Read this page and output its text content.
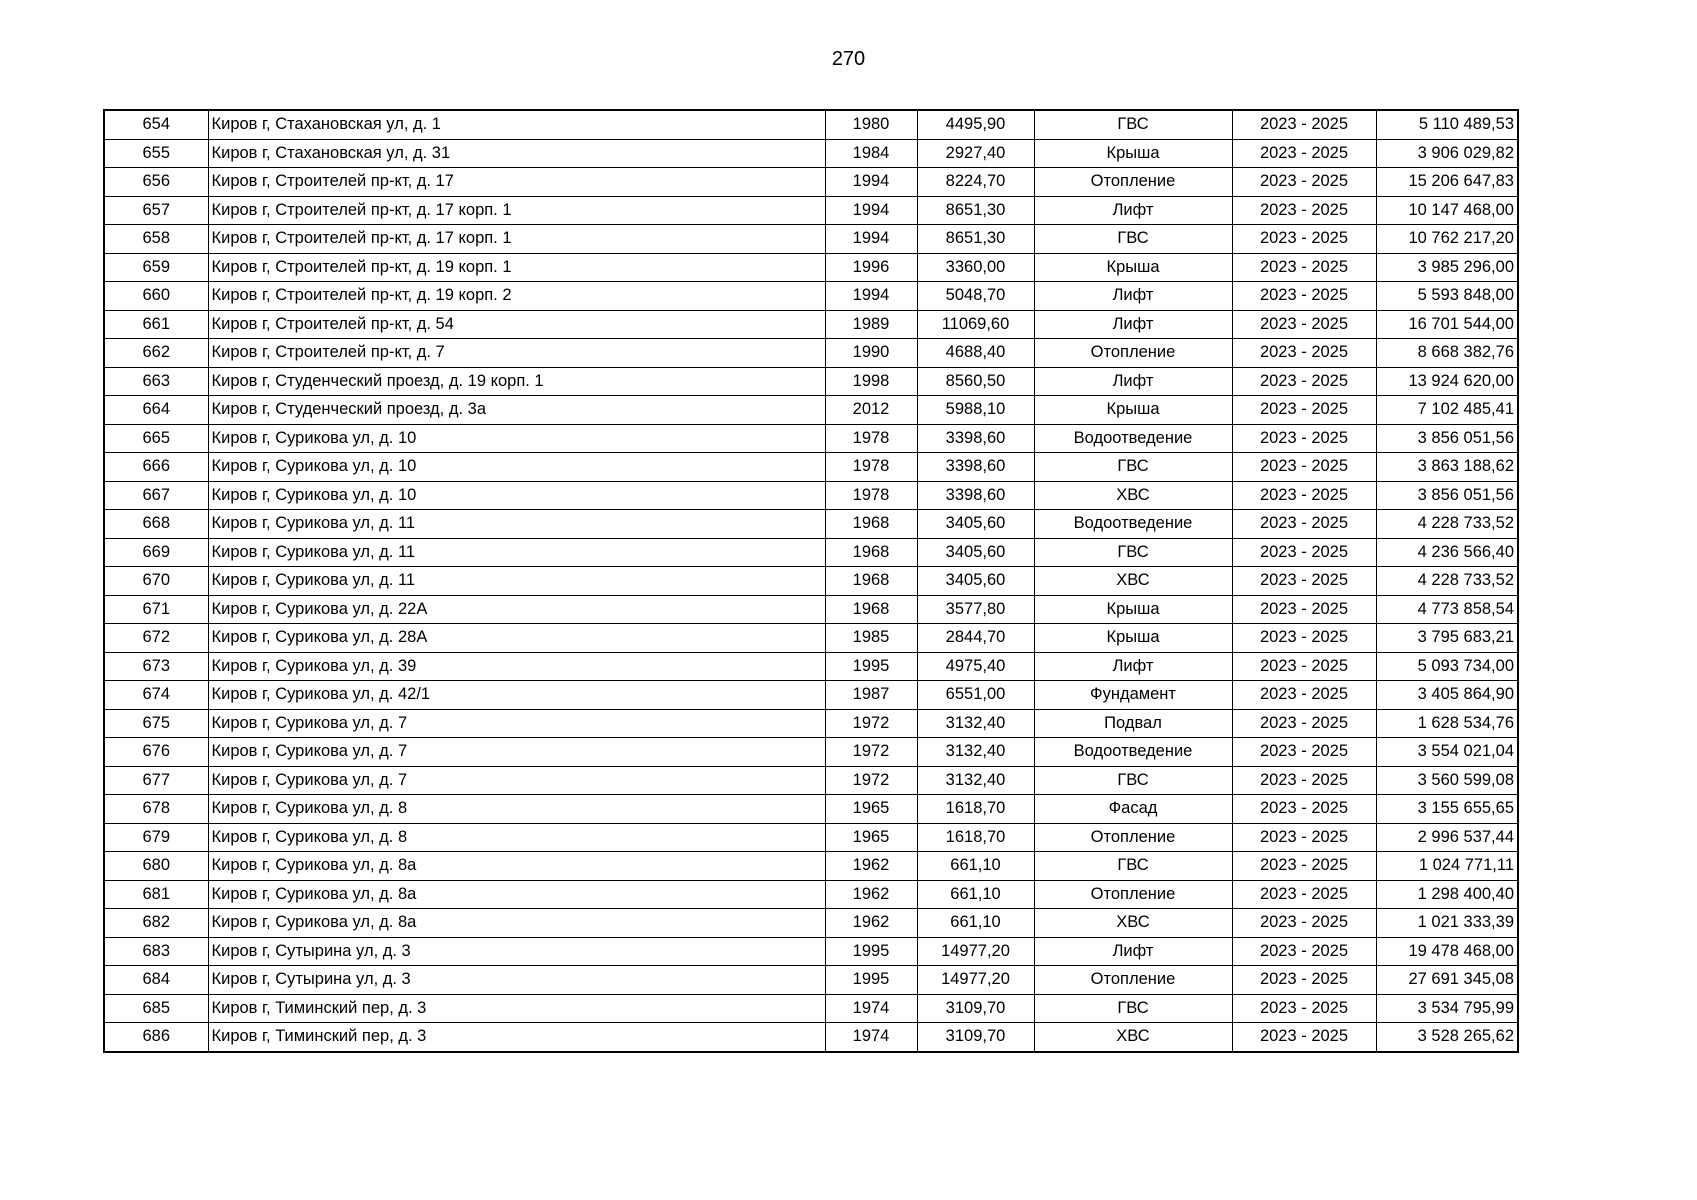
270
654	Киров г, Стахановская ул, д. 1	1980	4495,90	ГВС	2023 - 2025	5 110 489,53
655	Киров г, Стахановская ул, д. 31	1984	2927,40	Крыша	2023 - 2025	3 906 029,82
656	Киров г, Строителей пр-кт, д. 17	1994	8224,70	Отопление	2023 - 2025	15 206 647,83
657	Киров г, Строителей пр-кт, д. 17 корп. 1	1994	8651,30	Лифт	2023 - 2025	10 147 468,00
658	Киров г, Строителей пр-кт, д. 17 корп. 1	1994	8651,30	ГВС	2023 - 2025	10 762 217,20
659	Киров г, Строителей пр-кт, д. 19 корп. 1	1996	3360,00	Крыша	2023 - 2025	3 985 296,00
660	Киров г, Строителей пр-кт, д. 19 корп. 2	1994	5048,70	Лифт	2023 - 2025	5 593 848,00
661	Киров г, Строителей пр-кт, д. 54	1989	11069,60	Лифт	2023 - 2025	16 701 544,00
662	Киров г, Строителей пр-кт, д. 7	1990	4688,40	Отопление	2023 - 2025	8 668 382,76
663	Киров г, Студенческий проезд, д. 19 корп. 1	1998	8560,50	Лифт	2023 - 2025	13 924 620,00
664	Киров г, Студенческий проезд, д. 3а	2012	5988,10	Крыша	2023 - 2025	7 102 485,41
665	Киров г, Сурикова ул, д. 10	1978	3398,60	Водоотведение	2023 - 2025	3 856 051,56
666	Киров г, Сурикова ул, д. 10	1978	3398,60	ГВС	2023 - 2025	3 863 188,62
667	Киров г, Сурикова ул, д. 10	1978	3398,60	ХВС	2023 - 2025	3 856 051,56
668	Киров г, Сурикова ул, д. 11	1968	3405,60	Водоотведение	2023 - 2025	4 228 733,52
669	Киров г, Сурикова ул, д. 11	1968	3405,60	ГВС	2023 - 2025	4 236 566,40
670	Киров г, Сурикова ул, д. 11	1968	3405,60	ХВС	2023 - 2025	4 228 733,52
671	Киров г, Сурикова ул, д. 22А	1968	3577,80	Крыша	2023 - 2025	4 773 858,54
672	Киров г, Сурикова ул, д. 28А	1985	2844,70	Крыша	2023 - 2025	3 795 683,21
673	Киров г, Сурикова ул, д. 39	1995	4975,40	Лифт	2023 - 2025	5 093 734,00
674	Киров г, Сурикова ул, д. 42/1	1987	6551,00	Фундамент	2023 - 2025	3 405 864,90
675	Киров г, Сурикова ул, д. 7	1972	3132,40	Подвал	2023 - 2025	1 628 534,76
676	Киров г, Сурикова ул, д. 7	1972	3132,40	Водоотведение	2023 - 2025	3 554 021,04
677	Киров г, Сурикова ул, д. 7	1972	3132,40	ГВС	2023 - 2025	3 560 599,08
678	Киров г, Сурикова ул, д. 8	1965	1618,70	Фасад	2023 - 2025	3 155 655,65
679	Киров г, Сурикова ул, д. 8	1965	1618,70	Отопление	2023 - 2025	2 996 537,44
680	Киров г, Сурикова ул, д. 8а	1962	661,10	ГВС	2023 - 2025	1 024 771,11
681	Киров г, Сурикова ул, д. 8а	1962	661,10	Отопление	2023 - 2025	1 298 400,40
682	Киров г, Сурикова ул, д. 8а	1962	661,10	ХВС	2023 - 2025	1 021 333,39
683	Киров г, Сутырина ул, д. 3	1995	14977,20	Лифт	2023 - 2025	19 478 468,00
684	Киров г, Сутырина ул, д. 3	1995	14977,20	Отопление	2023 - 2025	27 691 345,08
685	Киров г, Тиминский пер, д. 3	1974	3109,70	ГВС	2023 - 2025	3 534 795,99
686	Киров г, Тиминский пер, д. 3	1974	3109,70	ХВС	2023 - 2025	3 528 265,62
